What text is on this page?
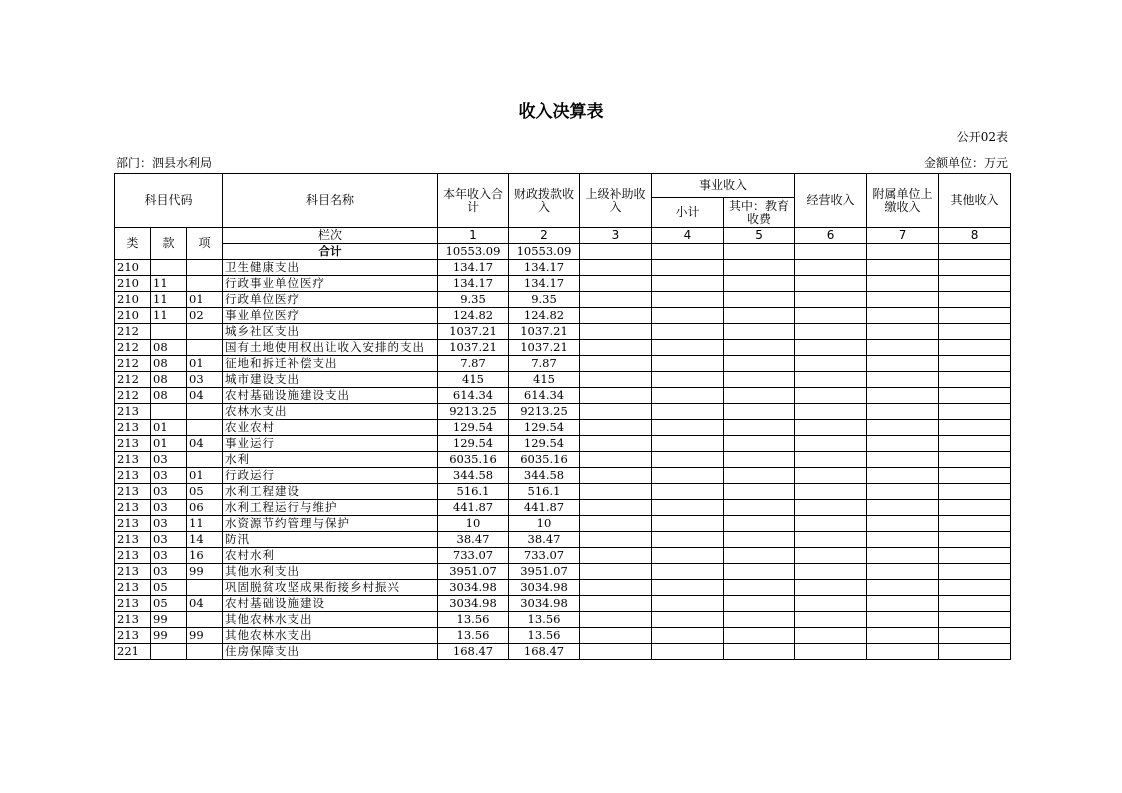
收入决算表
公开02表
部门：泗县水利局	金额单位：万元
科目代码			科目名称	本年收入合计	财政拨款收入	上级补助收入	事业收入		经营收入	附属单位上缴收入	其他收入
							小计	其中：教育收费			
类	款	项	栏次	1	2	3	4	5	6	7	8
			合计	10553.09	10553.09						
210			卫生健康支出	134.17	134.17						
210	11		行政事业单位医疗	134.17	134.17						
210	11	01	行政单位医疗	9.35	9.35						
210	11	02	事业单位医疗	124.82	124.82						
212			城乡社区支出	1037.21	1037.21						
212	08		国有土地使用权出让收入安排的支出	1037.21	1037.21						
212	08	01	征地和拆迁补偿支出	7.87	7.87						
212	08	03	城市建设支出	415	415						
212	08	04	农村基础设施建设支出	614.34	614.34						
213			农林水支出	9213.25	9213.25						
213	01		农业农村	129.54	129.54						
213	01	04	事业运行	129.54	129.54						
213	03		水利	6035.16	6035.16						
213	03	01	行政运行	344.58	344.58						
213	03	05	水利工程建设	516.1	516.1						
213	03	06	水利工程运行与维护	441.87	441.87						
213	03	11	水资源节约管理与保护	10	10						
213	03	14	防汛	38.47	38.47						
213	03	16	农村水利	733.07	733.07						
213	03	99	其他水利支出	3951.07	3951.07						
213	05		巩固脱贫攻坚成果衔接乡村振兴	3034.98	3034.98						
213	05	04	农村基础设施建设	3034.98	3034.98						
213	99		其他农林水支出	13.56	13.56						
213	99	99	其他农林水支出	13.56	13.56						
221			住房保障支出	168.47	168.47						
